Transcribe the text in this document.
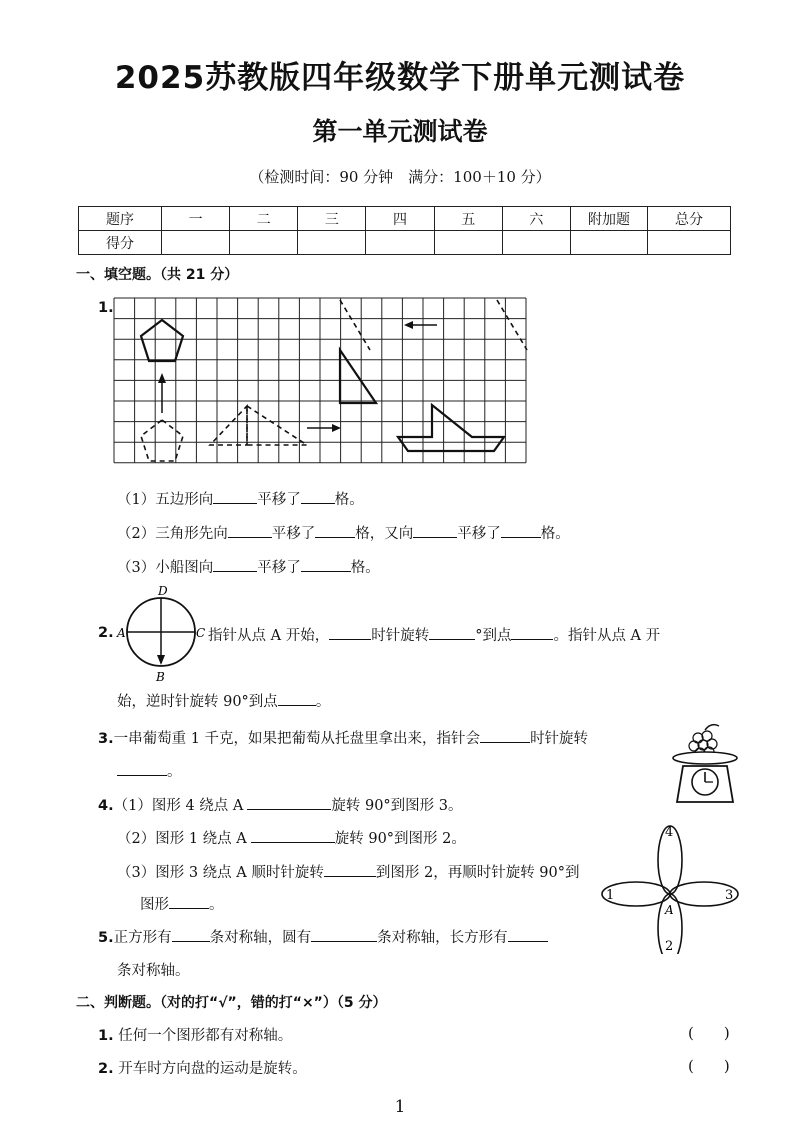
2025苏教版四年级数学下册单元测试卷
第一单元测试卷
（检测时间：90 分钟　满分：100＋10 分）
题序	一	二	三	四	五	六	附加题	总分
得分								
一、填空题。（共 21 分）
1.
（1）五边形向	平移了 格。
（2）三角形先向	平移了	格，又向	平移了	格。
（3）小船图向	平移了	格。
2.
D
A	C
B
指针从点 A 开始，	时针旋转	°到点	。指针从点 A 开
始，逆时针旋转 90°到点	。
3.一串葡萄重 1 千克，如果把葡萄从托盘里拿出来，指针会	时针旋转
。
4.（1）图形 4 绕点 A	旋转 90°到图形 3。
（2）图形 1 绕点 A	旋转 90°到图形 2。
（3）图形 3 绕点 A 顺时针旋转	到图形 2，再顺时针旋转 90°到
图形	。
4
1	3
2
A
5.正方形有	条对称轴，圆有	条对称轴，长方形有
条对称轴。
二、判断题。（对的打“√”，错的打“×”）（5 分）
1. 任何一个图形都有对称轴。	(　　)
2. 开车时方向盘的运动是旋转。	(　　)
1
